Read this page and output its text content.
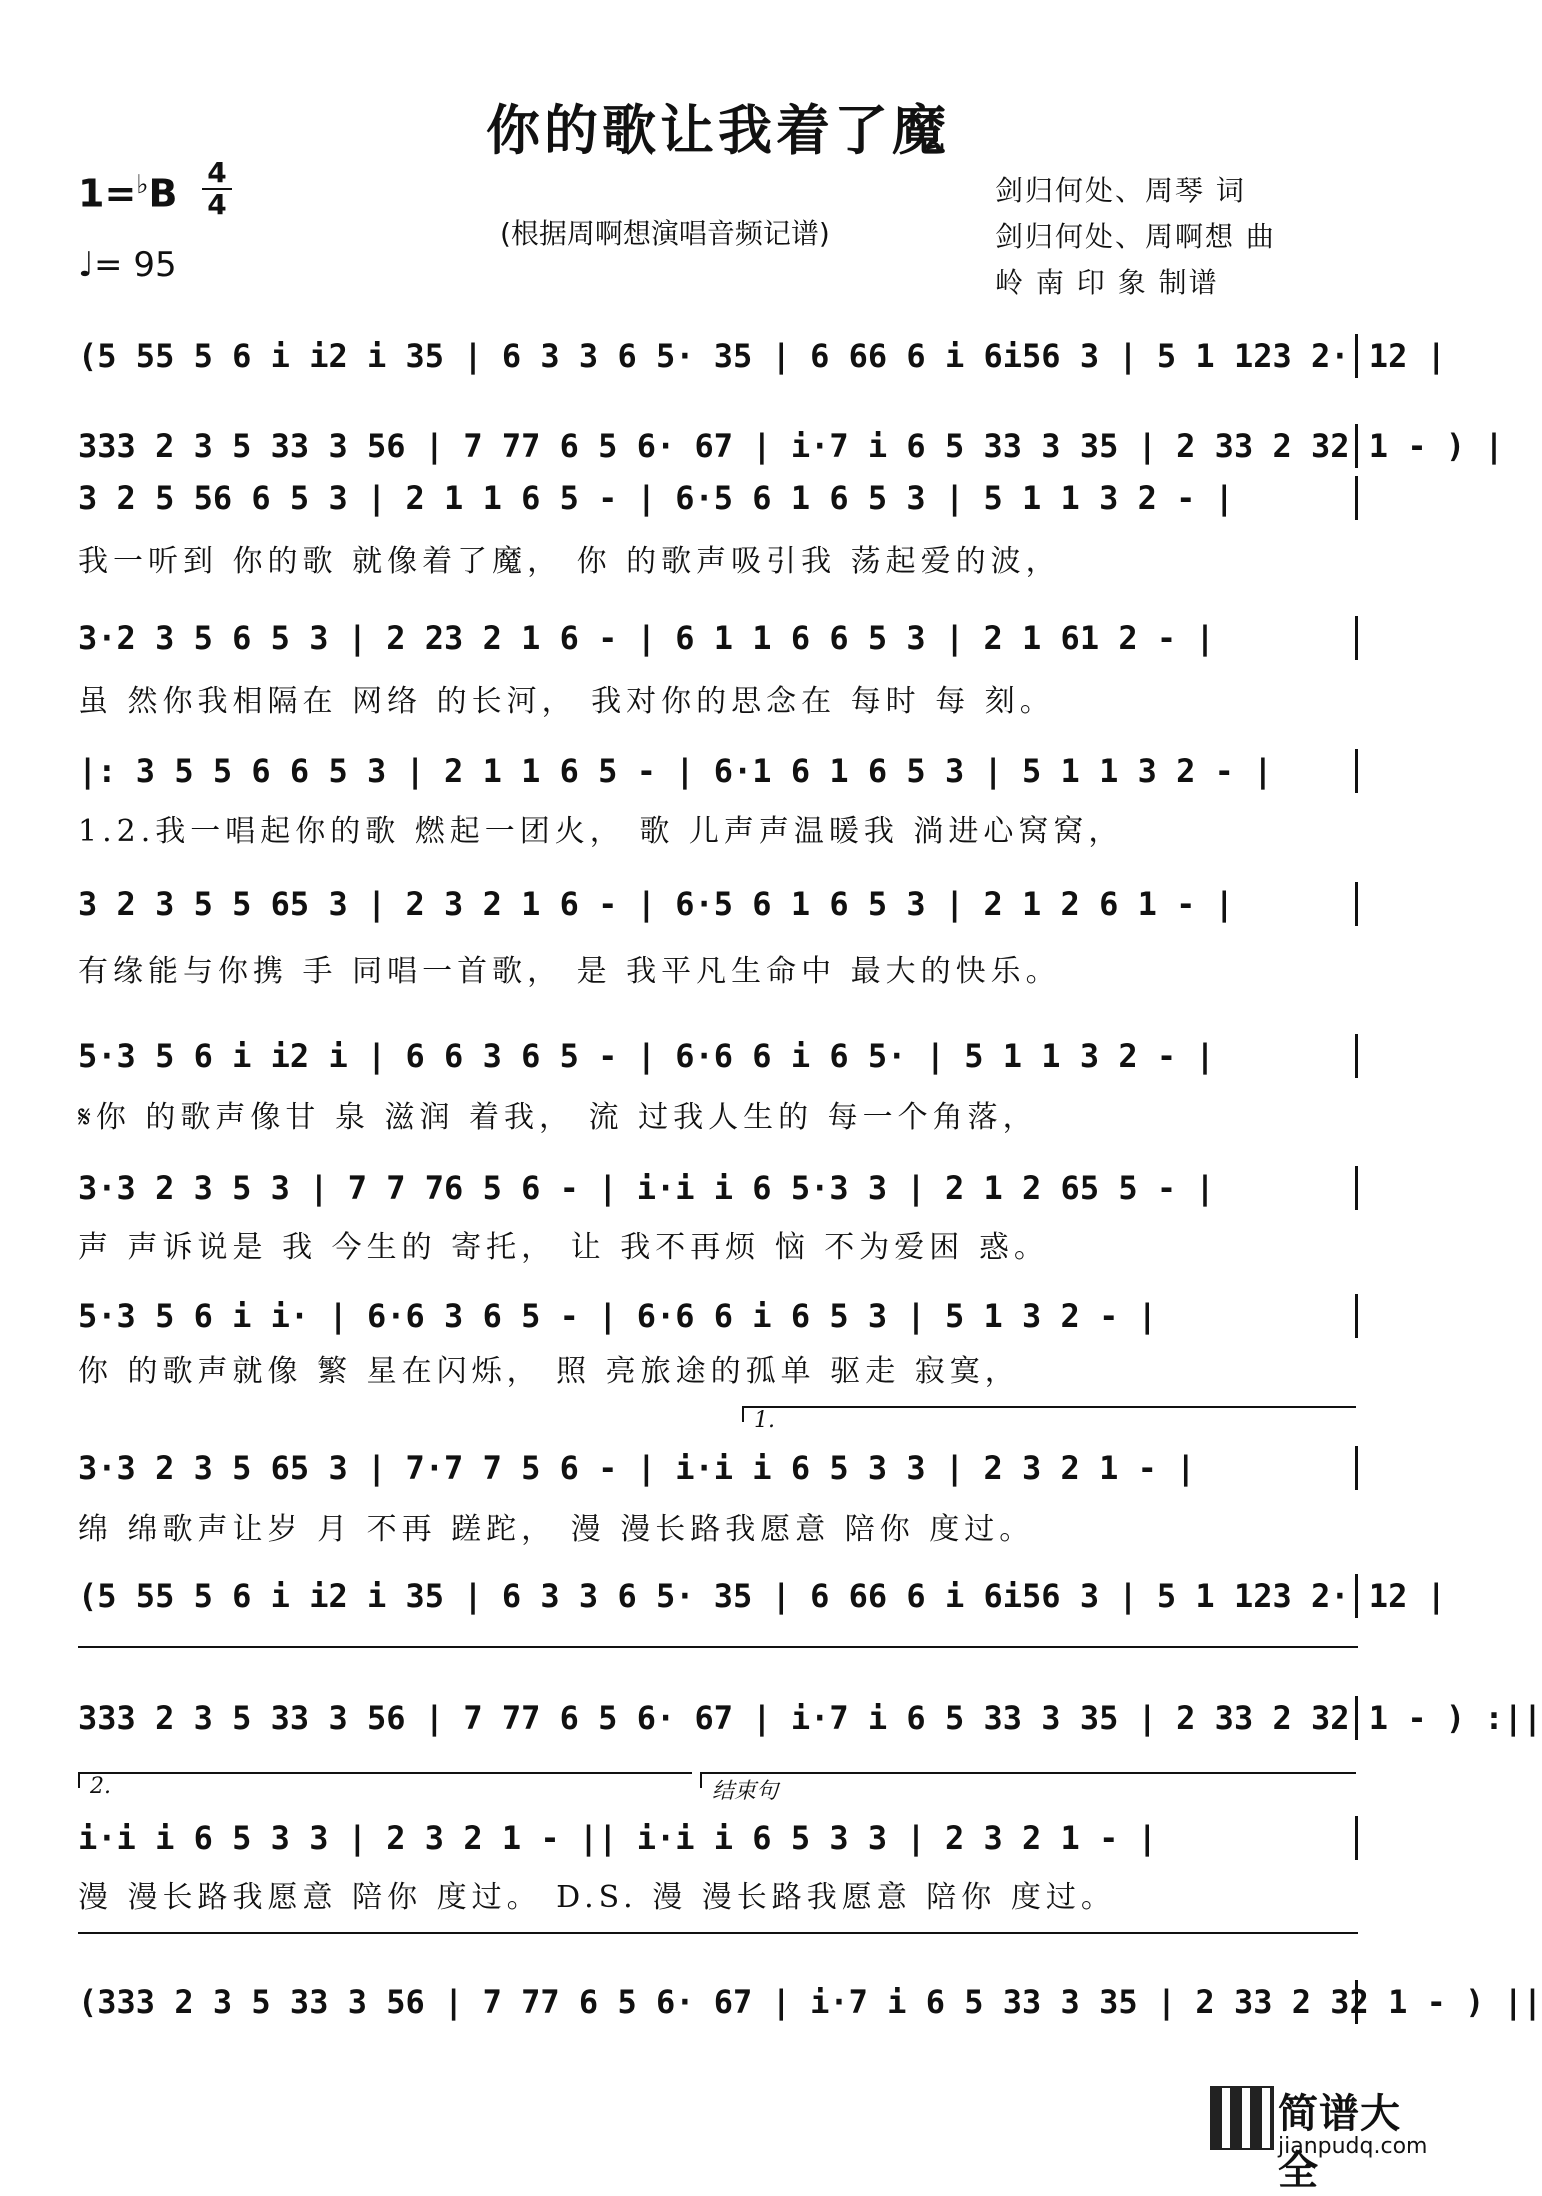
你的歌让我着了魔
1=♭B 4
4
♩= 95
(根据周啊想演唱音频记谱)
剑归何处、周琴 词
剑归何处、周啊想 曲
岭 南 印 象 制谱
(5 55 5 6 i i2 i 35 | 6 3 3 6 5· 35 | 6 66 6 i 6i56 3 | 5 1 123 2· 12 |
333 2 3 5 33 3 56 | 7 77 6 5 6· 67 | i·7 i 6 5 33 3 35 | 2 33 2 32 1 - ) |
3 2 5 56 6 5 3 | 2 1 1 6 5 - | 6·5 6 1 6 5 3 | 5 1 1 3 2 - |
我一听到 你的歌 就像着了魔， 你 的歌声吸引我 荡起爱的波，
3·2 3 5 6 5 3 | 2 23 2 1 6 - | 6 1 1 6 6 5 3 | 2 1 61 2 - |
虽 然你我相隔在 网络 的长河， 我对你的思念在 每时 每 刻。
|: 3 5 5 6 6 5 3 | 2 1 1 6 5 - | 6·1 6 1 6 5 3 | 5 1 1 3 2 - |
1.2.我一唱起你的歌 燃起一团火， 歌 儿声声温暖我 淌进心窝窝，
3 2 3 5 5 65 3 | 2 3 2 1 6 - | 6·5 6 1 6 5 3 | 2 1 2 6 1 - |
有缘能与你携 手 同唱一首歌， 是 我平凡生命中 最大的快乐。
5·3 5 6 i i2 i | 6 6 3 6 5 - | 6·6 6 i 6 5· | 5 1 1 3 2 - |
𝄋你 的歌声像甘 泉 滋润 着我， 流 过我人生的 每一个角落，
3·3 2 3 5 3 | 7 7 76 5 6 - | i·i i 6 5·3 3 | 2 1 2 65 5 - |
声 声诉说是 我 今生的 寄托， 让 我不再烦 恼 不为爱困 惑。
5·3 5 6 i i· | 6·6 3 6 5 - | 6·6 6 i 6 5 3 | 5 1 3 2 - |
你 的歌声就像 繁 星在闪烁， 照 亮旅途的孤单 驱走 寂寞，
1.
3·3 2 3 5 65 3 | 7·7 7 5 6 - | i·i i 6 5 3 3 | 2 3 2 1 - |
绵 绵歌声让岁 月 不再 蹉跎， 漫 漫长路我愿意 陪你 度过。
(5 55 5 6 i i2 i 35 | 6 3 3 6 5· 35 | 6 66 6 i 6i56 3 | 5 1 123 2· 12 |
333 2 3 5 33 3 56 | 7 77 6 5 6· 67 | i·7 i 6 5 33 3 35 | 2 33 2 32 1 - ) :||
2.	结束句
i·i i 6 5 3 3 | 2 3 2 1 - || i·i i 6 5 3 3 | 2 3 2 1 - |
漫 漫长路我愿意 陪你 度过。 D.S. 漫 漫长路我愿意 陪你 度过。
(333 2 3 5 33 3 56 | 7 77 6 5 6· 67 | i·7 i 6 5 33 3 35 | 2 33 2 32 1 - ) ||
简谱大全
jianpudq.com
